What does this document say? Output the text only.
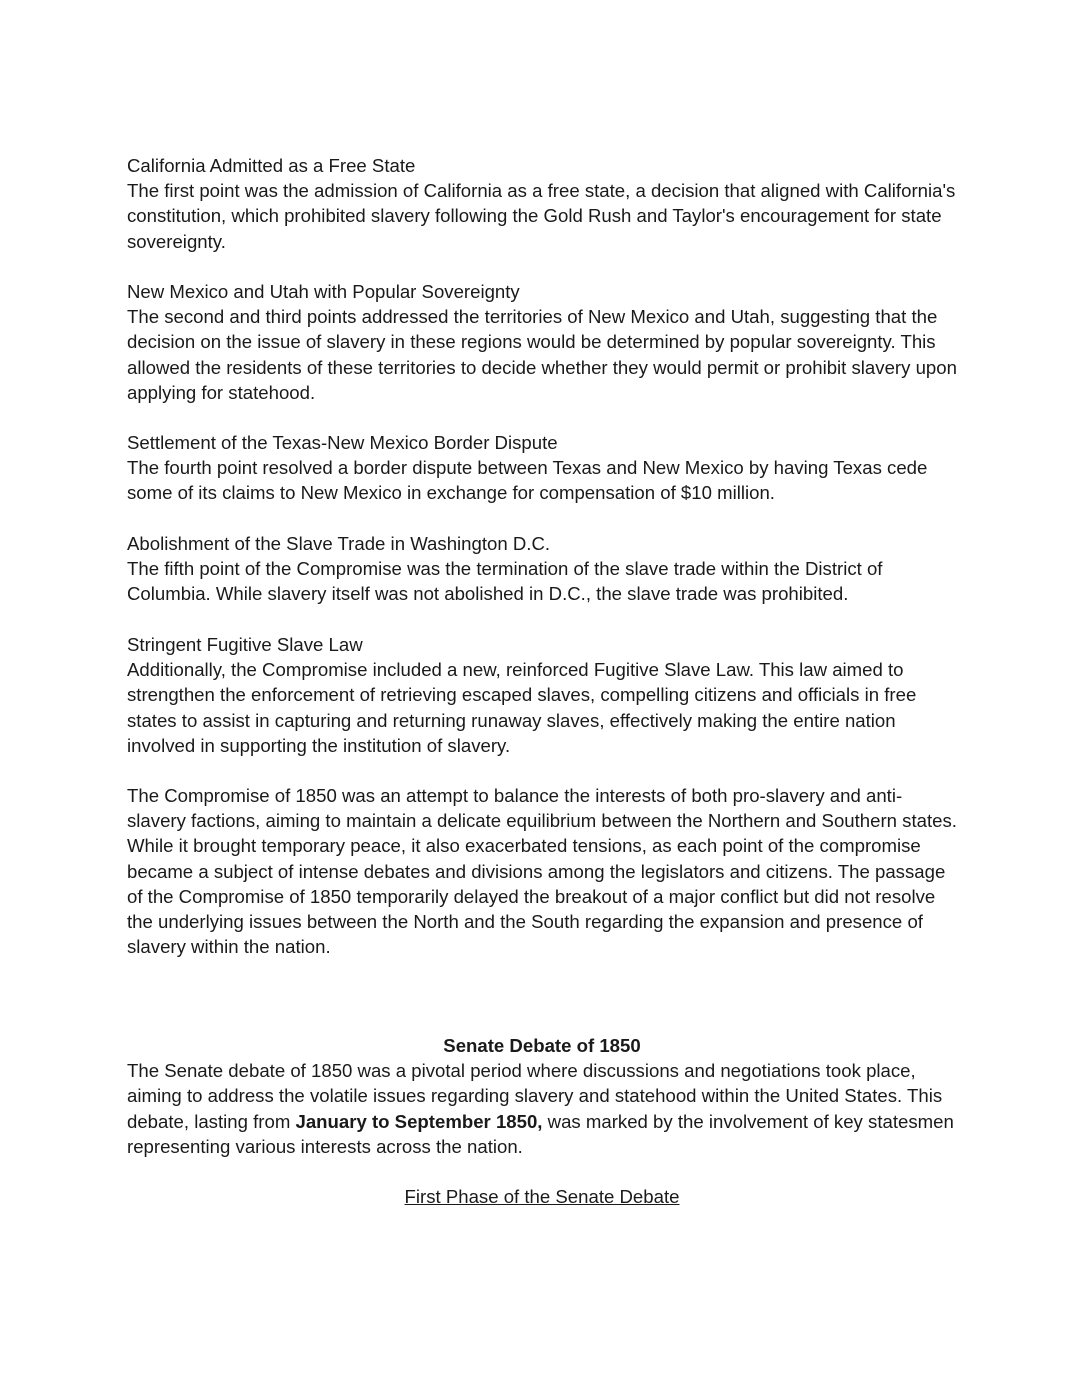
California Admitted as a Free State

The first point was the admission of California as a free state, a decision that aligned with California's constitution, which prohibited slavery following the Gold Rush and Taylor's encouragement for state sovereignty.

New Mexico and Utah with Popular Sovereignty

The second and third points addressed the territories of New Mexico and Utah, suggesting that the decision on the issue of slavery in these regions would be determined by popular sovereignty. This allowed the residents of these territories to decide whether they would permit or prohibit slavery upon applying for statehood.

Settlement of the Texas-New Mexico Border Dispute

The fourth point resolved a border dispute between Texas and New Mexico by having Texas cede some of its claims to New Mexico in exchange for compensation of $10 million.

Abolishment of the Slave Trade in Washington D.C.

The fifth point of the Compromise was the termination of the slave trade within the District of Columbia. While slavery itself was not abolished in D.C., the slave trade was prohibited.

Stringent Fugitive Slave Law

Additionally, the Compromise included a new, reinforced Fugitive Slave Law. This law aimed to strengthen the enforcement of retrieving escaped slaves, compelling citizens and officials in free states to assist in capturing and returning runaway slaves, effectively making the entire nation involved in supporting the institution of slavery.

The Compromise of 1850 was an attempt to balance the interests of both pro-slavery and anti-slavery factions, aiming to maintain a delicate equilibrium between the Northern and Southern states. While it brought temporary peace, it also exacerbated tensions, as each point of the compromise became a subject of intense debates and divisions among the legislators and citizens. The passage of the Compromise of 1850 temporarily delayed the breakout of a major conflict but did not resolve the underlying issues between the North and the South regarding the expansion and presence of slavery within the nation.

Senate Debate of 1850

The Senate debate of 1850 was a pivotal period where discussions and negotiations took place, aiming to address the volatile issues regarding slavery and statehood within the United States. This debate, lasting from January to September 1850, was marked by the involvement of key statesmen representing various interests across the nation.

First Phase of the Senate Debate
